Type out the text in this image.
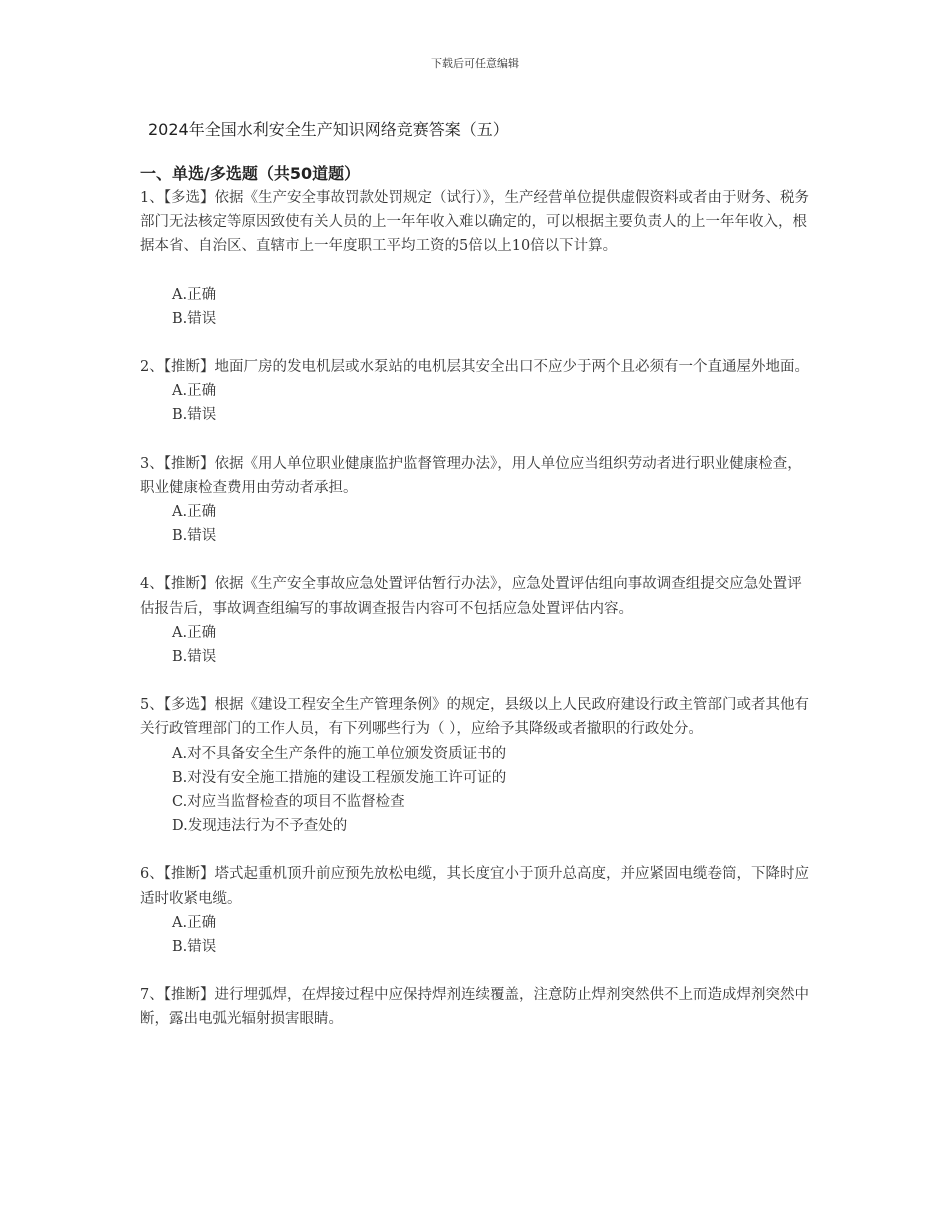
下载后可任意编辑
2024年全国水利安全生产知识网络竞赛答案（五）
一、单选/多选题（共50道题）

1、【多选】依据《生产安全事故罚款处罚规定（试行）》，生产经营单位提供虚假资料或者由于财务、税务部门无法核定等原因致使有关人员的上一年年收入难以确定的，可以根据主要负责人的上一年年收入，根据本省、自治区、直辖市上一年度职工平均工资的5倍以上10倍以下计算。

A.正确
B.错误

2、【推断】地面厂房的发电机层或水泵站的电机层其安全出口不应少于两个且必须有一个直通屋外地面。

A.正确
B.错误

3、【推断】依据《用人单位职业健康监护监督管理办法》，用人单位应当组织劳动者进行职业健康检查，职业健康检查费用由劳动者承担。

A.正确
B.错误

4、【推断】依据《生产安全事故应急处置评估暂行办法》，应急处置评估组向事故调查组提交应急处置评估报告后，事故调查组编写的事故调查报告内容可不包括应急处置评估内容。

A.正确
B.错误

5、【多选】根据《建设工程安全生产管理条例》的规定，县级以上人民政府建设行政主管部门或者其他有关行政管理部门的工作人员，有下列哪些行为（ ），应给予其降级或者撤职的行政处分。

A.对不具备安全生产条件的施工单位颁发资质证书的
B.对没有安全施工措施的建设工程颁发施工许可证的
C.对应当监督检查的项目不监督检查
D.发现违法行为不予查处的

6、【推断】塔式起重机顶升前应预先放松电缆，其长度宜小于顶升总高度，并应紧固电缆卷筒，下降时应适时收紧电缆。

A.正确
B.错误

7、【推断】进行埋弧焊，在焊接过程中应保持焊剂连续覆盖，注意防止焊剂突然供不上而造成焊剂突然中断，露出电弧光辐射损害眼睛。
